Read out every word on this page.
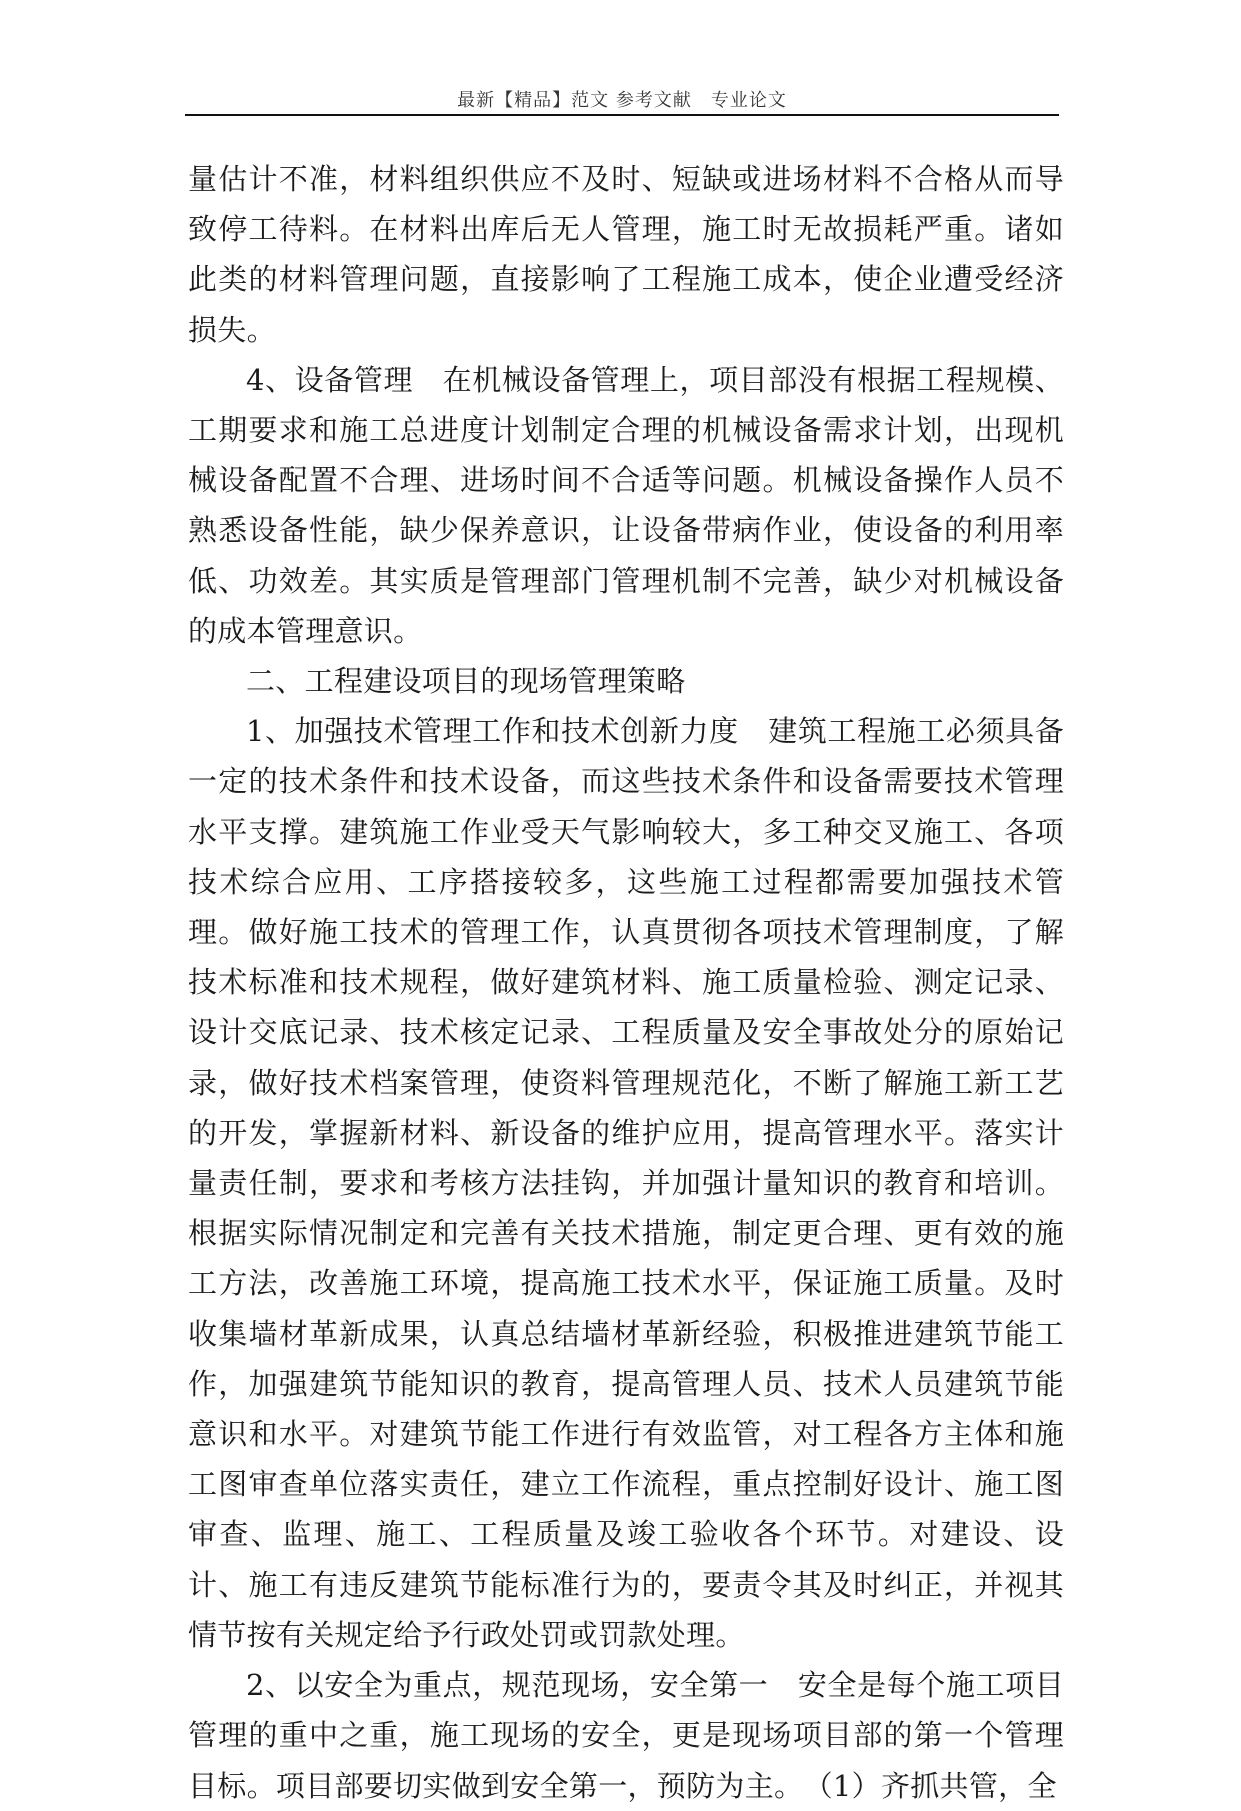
最新【精品】范文 参考文献　专业论文

量估计不准，材料组织供应不及时、短缺或进场材料不合格从而导致停工待料。在材料出库后无人管理，施工时无故损耗严重。诸如此类的材料管理问题，直接影响了工程施工成本，使企业遭受经济损失。

4、设备管理　在机械设备管理上，项目部没有根据工程规模、工期要求和施工总进度计划制定合理的机械设备需求计划，出现机械设备配置不合理、进场时间不合适等问题。机械设备操作人员不熟悉设备性能，缺少保养意识，让设备带病作业，使设备的利用率低、功效差。其实质是管理部门管理机制不完善，缺少对机械设备的成本管理意识。

二、工程建设项目的现场管理策略

1、加强技术管理工作和技术创新力度　建筑工程施工必须具备一定的技术条件和技术设备，而这些技术条件和设备需要技术管理水平支撑。建筑施工作业受天气影响较大，多工种交叉施工、各项技术综合应用、工序搭接较多，这些施工过程都需要加强技术管理。做好施工技术的管理工作，认真贯彻各项技术管理制度，了解技术标准和技术规程，做好建筑材料、施工质量检验、测定记录、设计交底记录、技术核定记录、工程质量及安全事故处分的原始记录，做好技术档案管理，使资料管理规范化，不断了解施工新工艺的开发，掌握新材料、新设备的维护应用，提高管理水平。落实计量责任制，要求和考核方法挂钩，并加强计量知识的教育和培训。根据实际情况制定和完善有关技术措施，制定更合理、更有效的施工方法，改善施工环境，提高施工技术水平，保证施工质量。及时收集墙材革新成果，认真总结墙材革新经验，积极推进建筑节能工作，加强建筑节能知识的教育，提高管理人员、技术人员建筑节能意识和水平。对建筑节能工作进行有效监管，对工程各方主体和施工图审查单位落实责任，建立工作流程，重点控制好设计、施工图审查、监理、施工、工程质量及竣工验收各个环节。对建设、设计、施工有违反建筑节能标准行为的，要责令其及时纠正，并视其情节按有关规定给予行政处罚或罚款处理。

2、以安全为重点，规范现场，安全第一　安全是每个施工项目管理的重中之重，施工现场的安全，更是现场项目部的第一个管理目标。项目部要切实做到安全第一，预防为主。　（1）齐抓共管，全
